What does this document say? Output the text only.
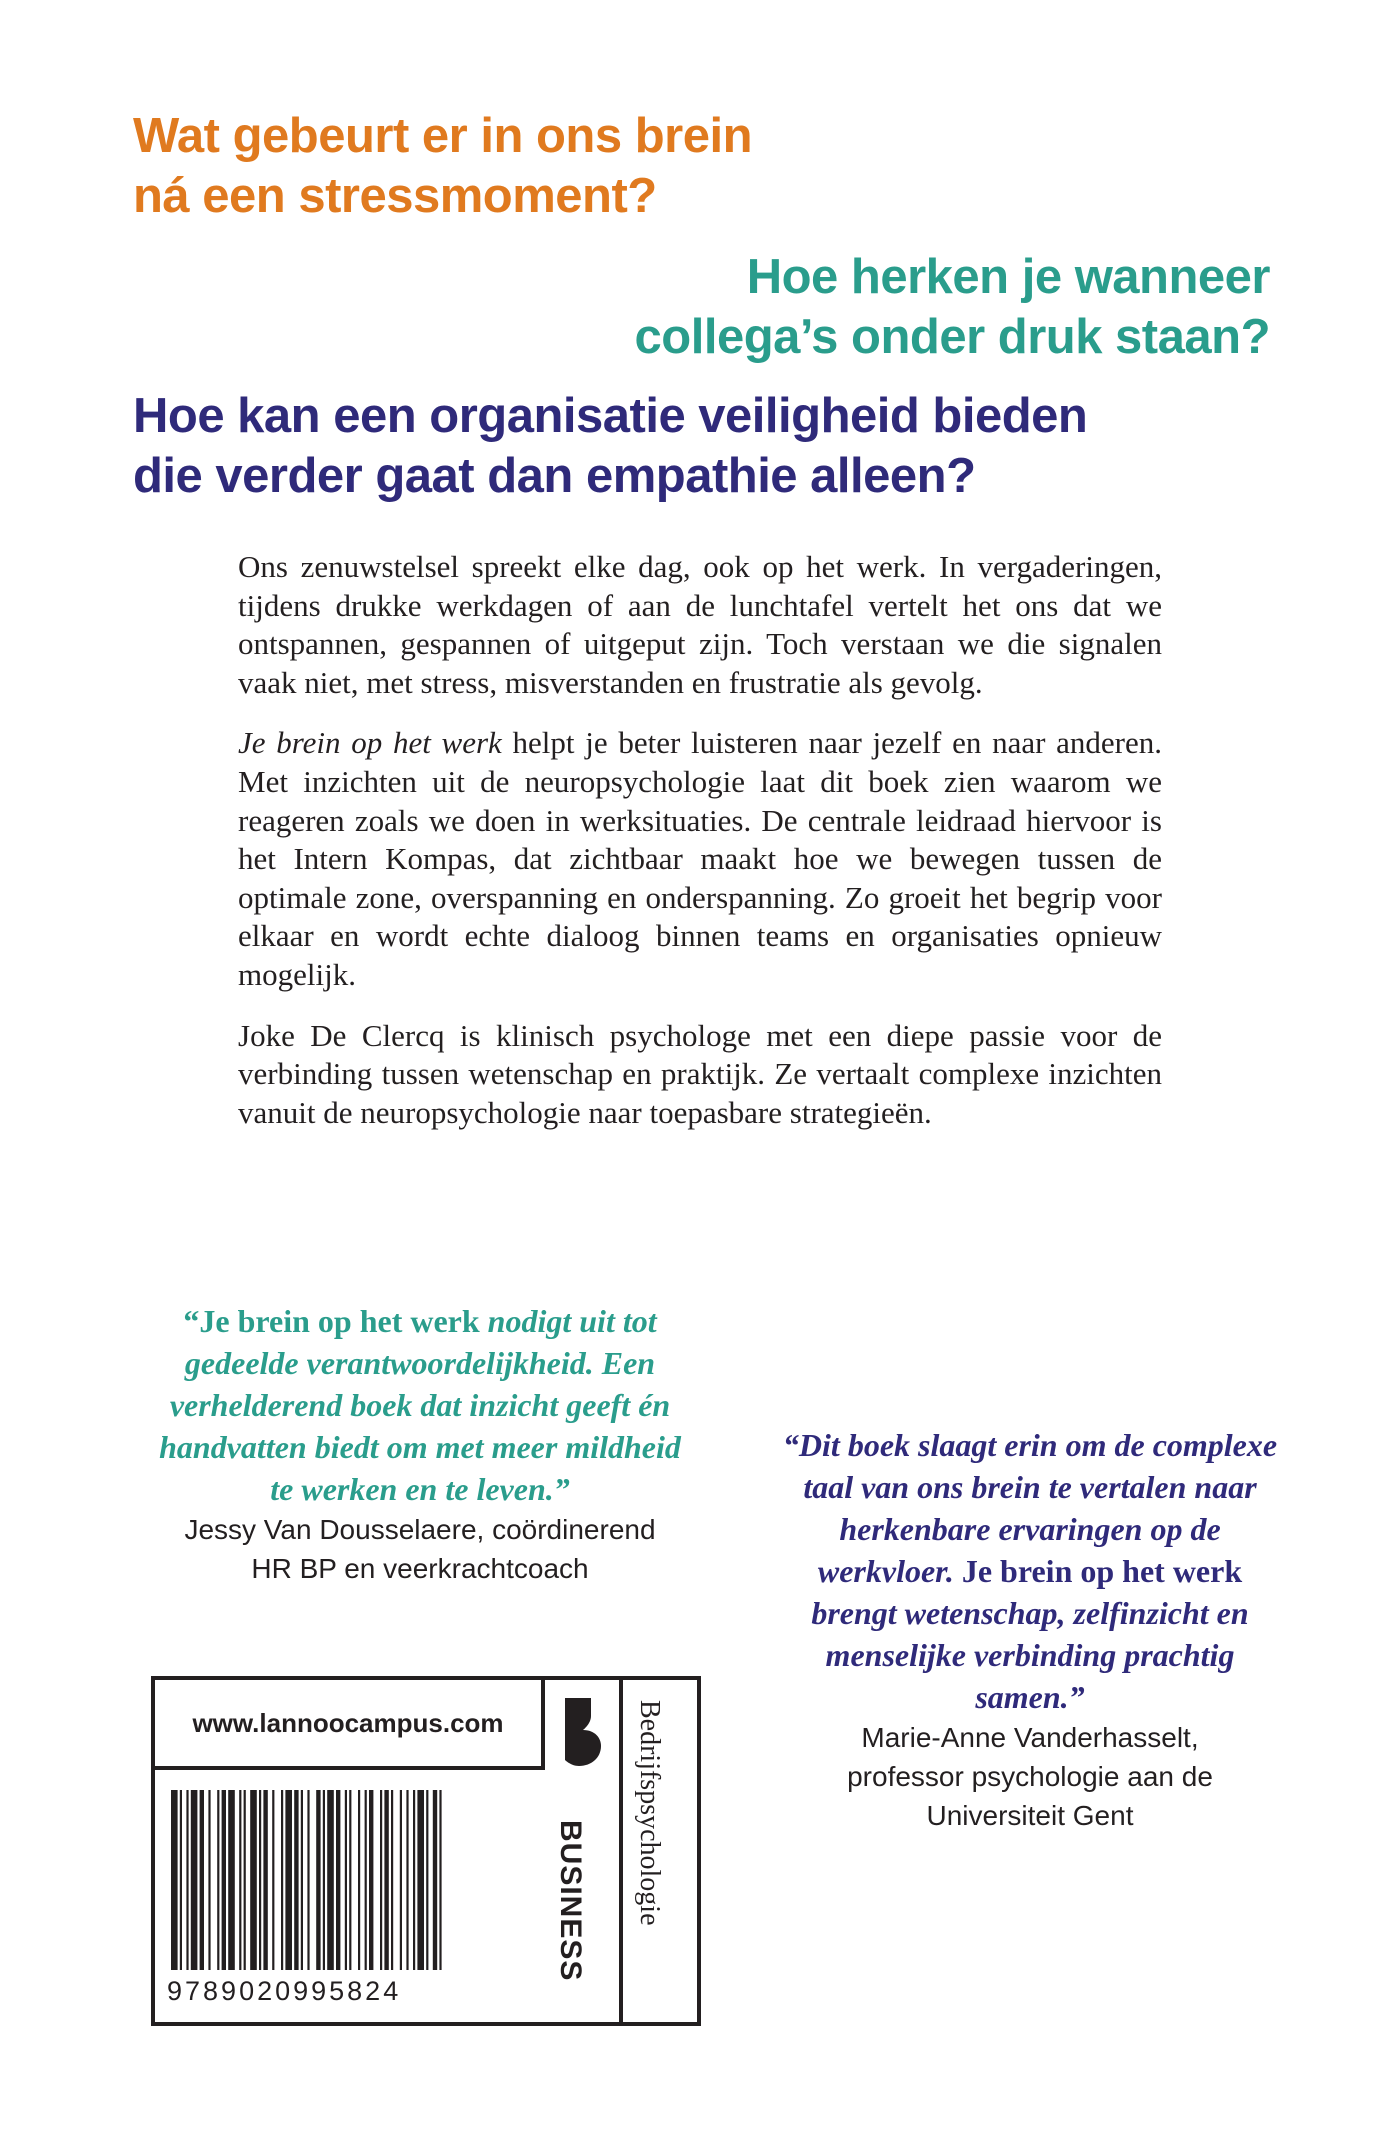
Wat gebeurt er in ons brein
ná een stressmoment?
Hoe herken je wanneer
collega’s onder druk staan?
Hoe kan een organisatie veiligheid bieden
die verder gaat dan empathie alleen?

Ons zenuwstelsel spreekt elke dag, ook op het werk. In vergaderingen, tijdens drukke werkdagen of aan de lunchtafel vertelt het ons dat we ontspannen, gespannen of uitgeput zijn. Toch verstaan we die signalen vaak niet, met stress, misverstanden en frustratie als gevolg.

Je brein op het werk helpt je beter luisteren naar jezelf en naar anderen. Met inzichten uit de neuropsychologie laat dit boek zien waarom we reageren zoals we doen in werksituaties. De centrale leidraad hiervoor is het Intern Kompas, dat zichtbaar maakt hoe we bewegen tussen de optimale zone, overspanning en onderspanning. Zo groeit het begrip voor elkaar en wordt echte dialoog binnen teams en organisaties opnieuw mogelijk.

Joke De Clercq is klinisch psychologe met een diepe passie voor de verbinding tussen wetenschap en praktijk. Ze vertaalt complexe inzichten vanuit de neuropsychologie naar toepasbare strategieën.

“Je brein op het werk nodigt uit tot gedeelde verantwoordelijkheid. Een verhelderend boek dat inzicht geeft én handvatten biedt om met meer mildheid te werken en te leven.”

Jessy Van Dousselaere, coördinerend
HR BP en veerkrachtcoach

“Dit boek slaagt erin om de complexe taal van ons brein te vertalen naar herkenbare ervaringen op de werkvloer. Je brein op het werk brengt wetenschap, zelfinzicht en menselijke verbinding prachtig samen.”

Marie-Anne Vanderhasselt,
professor psychologie aan de
Universiteit Gent

www.lannoocampus.com
9789020995824
BUSINESS Bedrijfspsychologie
